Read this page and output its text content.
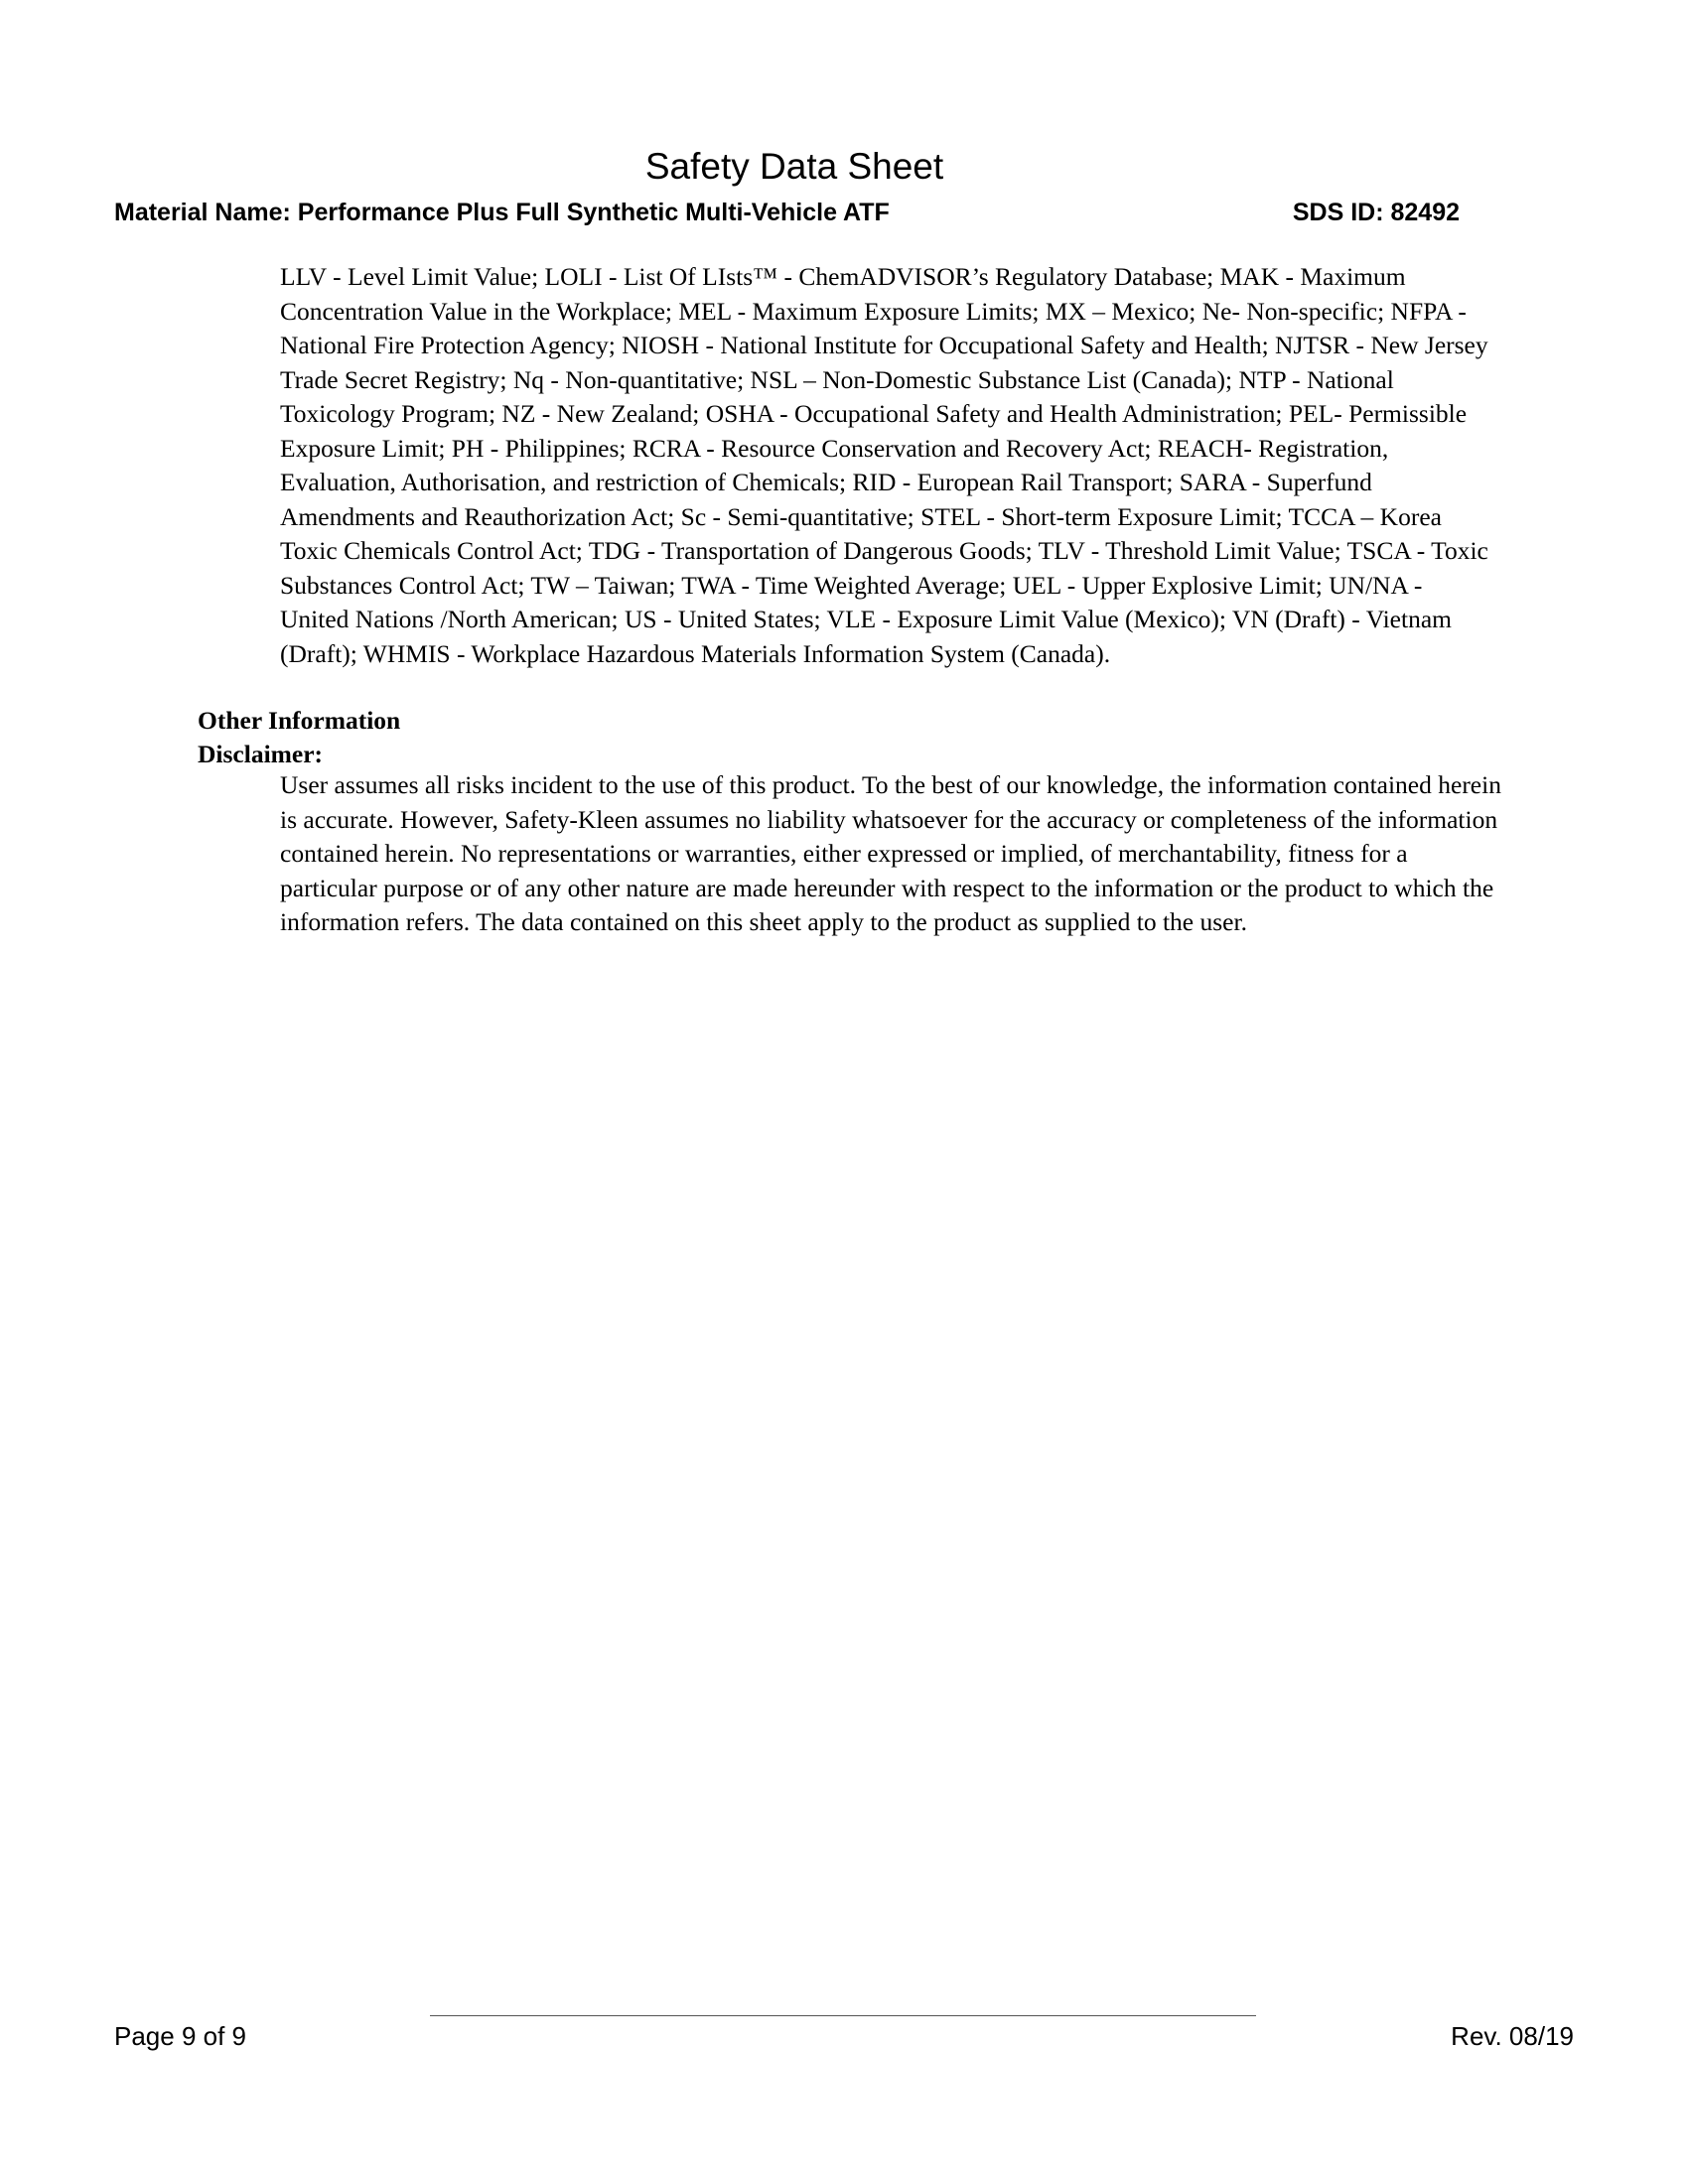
Safety Data Sheet
Material Name: Performance Plus Full Synthetic Multi-Vehicle ATF	SDS ID: 82492

LLV - Level Limit Value; LOLI - List Of LIsts™ - ChemADVISOR’s Regulatory Database; MAK - Maximum Concentration Value in the Workplace; MEL - Maximum Exposure Limits; MX – Mexico; Ne- Non-specific; NFPA - National Fire Protection Agency; NIOSH - National Institute for Occupational Safety and Health; NJTSR - New Jersey Trade Secret Registry; Nq - Non-quantitative; NSL – Non-Domestic Substance List (Canada); NTP - National Toxicology Program; NZ - New Zealand; OSHA - Occupational Safety and Health Administration; PEL- Permissible Exposure Limit; PH - Philippines; RCRA - Resource Conservation and Recovery Act; REACH- Registration, Evaluation, Authorisation, and restriction of Chemicals; RID - European Rail Transport; SARA - Superfund Amendments and Reauthorization Act; Sc - Semi-quantitative; STEL - Short-term Exposure Limit; TCCA – Korea Toxic Chemicals Control Act; TDG - Transportation of Dangerous Goods; TLV - Threshold Limit Value; TSCA - Toxic Substances Control Act; TW – Taiwan; TWA - Time Weighted Average; UEL - Upper Explosive Limit; UN/NA - United Nations /North American; US - United States; VLE - Exposure Limit Value (Mexico); VN (Draft) - Vietnam (Draft); WHMIS - Workplace Hazardous Materials Information System (Canada).

Other Information
Disclaimer:

User assumes all risks incident to the use of this product. To the best of our knowledge, the information contained herein is accurate. However, Safety-Kleen assumes no liability whatsoever for the accuracy or completeness of the information contained herein. No representations or warranties, either expressed or implied, of merchantability, fitness for a particular purpose or of any other nature are made hereunder with respect to the information or the product to which the information refers. The data contained on this sheet apply to the product as supplied to the user.

Page 9 of 9	Rev. 08/19
